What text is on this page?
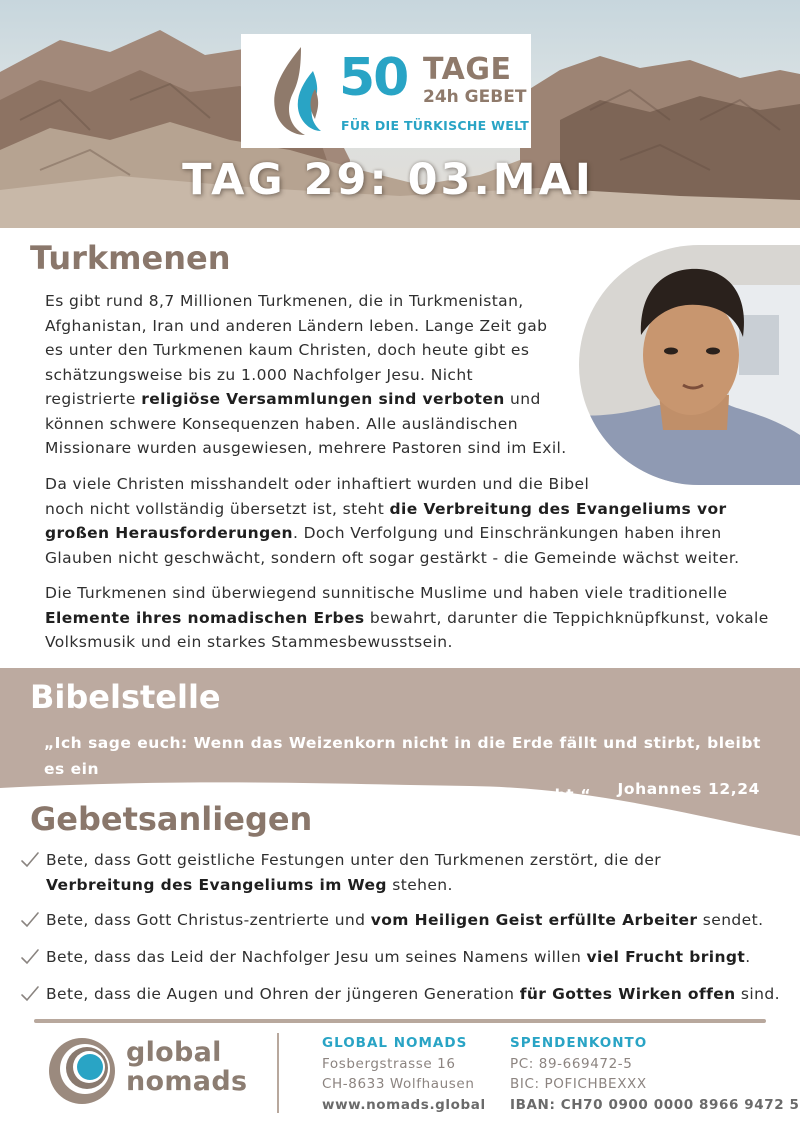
50 TAGE
24h GEBET
FÜR DIE TÜRKISCHE WELT
TAG 29: 03.MAI
Turkmenen
Es gibt rund 8,7 Millionen Turkmenen, die in Turkmenistan,
Afghanistan, Iran und anderen Ländern leben. Lange Zeit gab
es unter den Turkmenen kaum Christen, doch heute gibt es
schätzungsweise bis zu 1.000 Nachfolger Jesu. Nicht
registrierte religiöse Versammlungen sind verboten und
können schwere Konsequenzen haben. Alle ausländischen
Missionare wurden ausgewiesen, mehrere Pastoren sind im Exil.
Da viele Christen misshandelt oder inhaftiert wurden und die Bibel
noch nicht vollständig übersetzt ist, steht die Verbreitung des Evangeliums vor
großen Herausforderungen. Doch Verfolgung und Einschränkungen haben ihren
Glauben nicht geschwächt, sondern oft sogar gestärkt - die Gemeinde wächst weiter.
Die Turkmenen sind überwiegend sunnitische Muslime und haben viele traditionelle
Elemente ihres nomadischen Erbes bewahrt, darunter die Teppichknüpfkunst, vokale
Volksmusik und ein starkes Stammesbewusstsein.
Bibelstelle
„Ich sage euch: Wenn das Weizenkorn nicht in die Erde fällt und stirbt, bleibt es ein
einzelnes Korn. Wenn es aber stirbt, bringt es viel Frucht.“	Johannes 12,24
Gebetsanliegen
Bete, dass Gott geistliche Festungen unter den Turkmenen zerstört, die der
Verbreitung des Evangeliums im Weg stehen.
Bete, dass Gott Christus-zentrierte und vom Heiligen Geist erfüllte Arbeiter sendet.
Bete, dass das Leid der Nachfolger Jesu um seines Namens willen viel Frucht bringt.
Bete, dass die Augen und Ohren der jüngeren Generation für Gottes Wirken offen sind.
global
nomads
GLOBAL NOMADS
Fosbergstrasse 16
CH-8633 Wolfhausen
www.nomads.global
SPENDENKONTO
PC: 89-669472-5
BIC: POFICHBEXXX
IBAN: CH70 0900 0000 8966 9472 5
